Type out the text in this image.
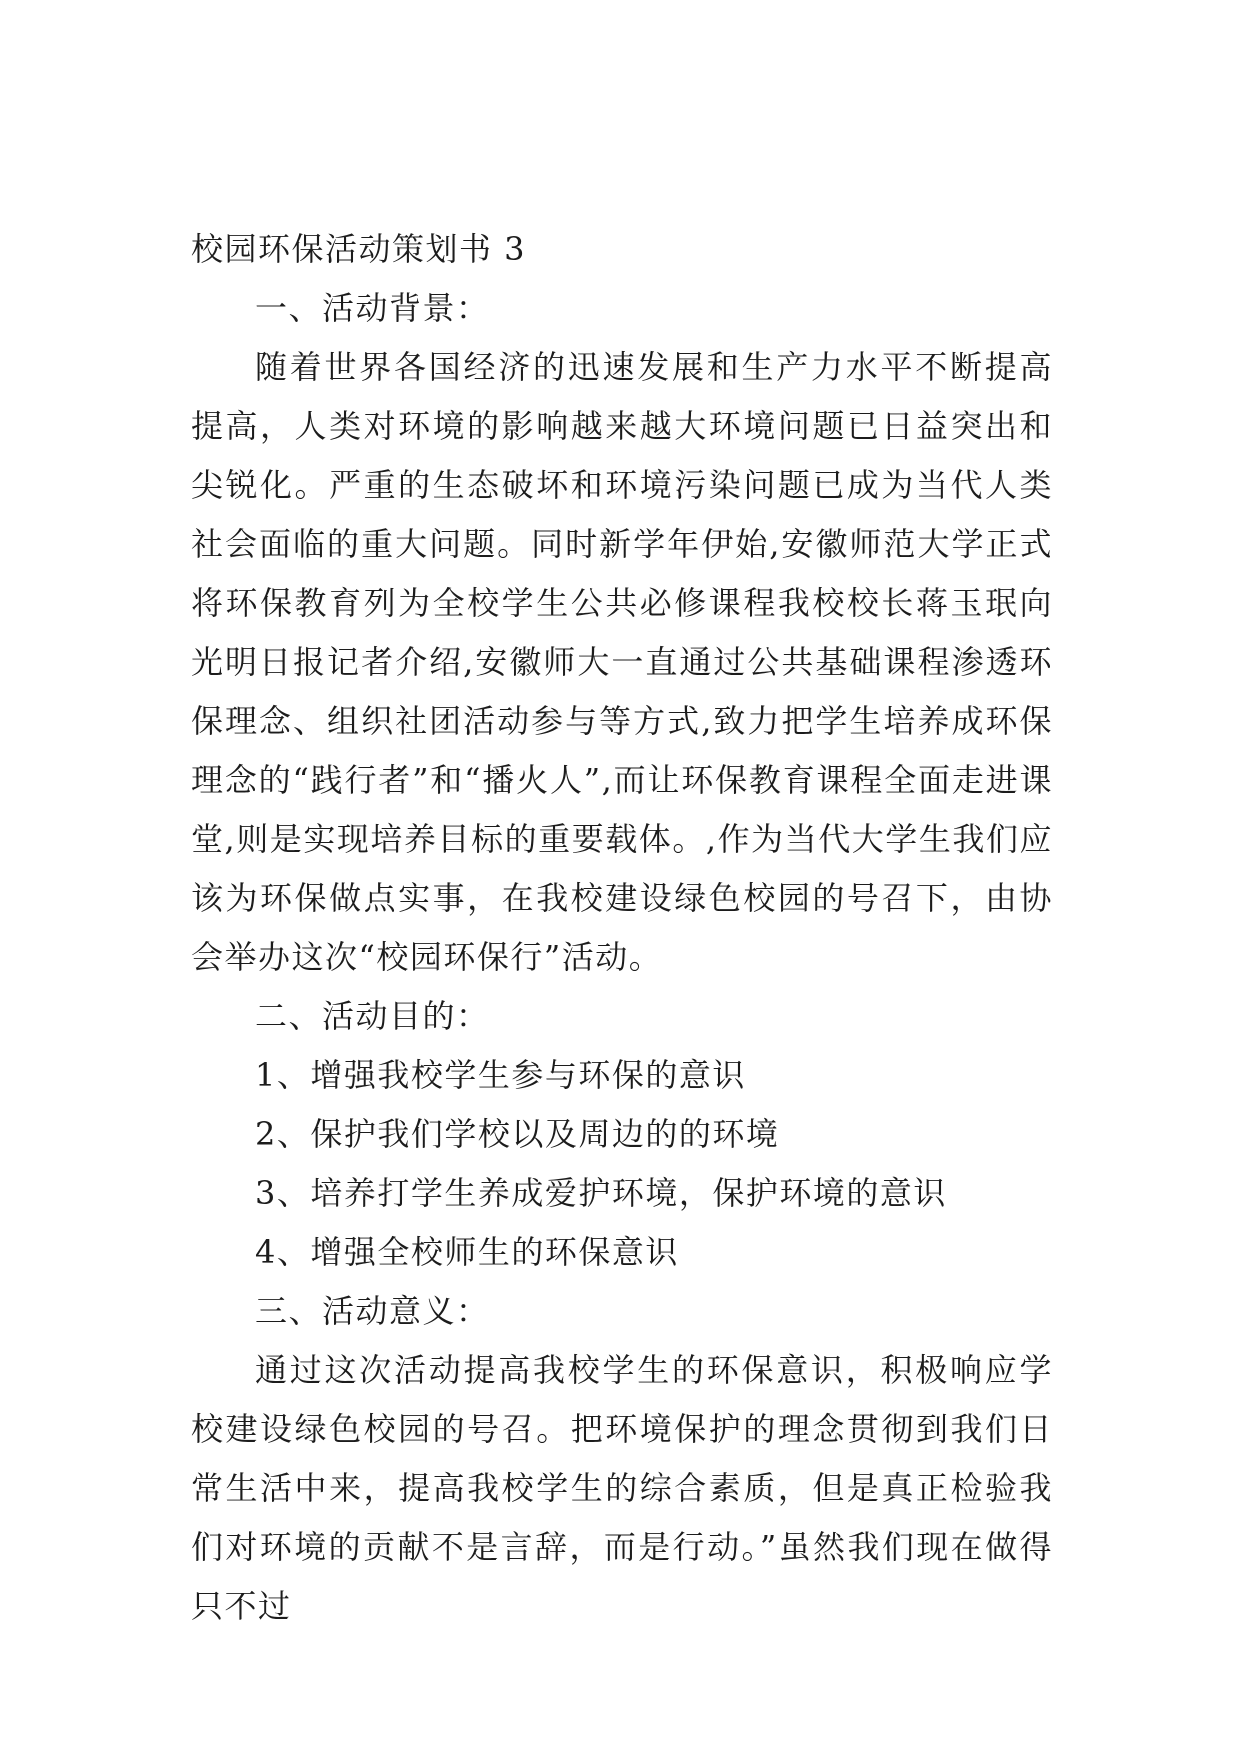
校园环保活动策划书 3

一、活动背景：

随着世界各国经济的迅速发展和生产力水平不断提高提高，人类对环境的影响越来越大环境问题已日益突出和尖锐化。严重的生态破坏和环境污染问题已成为当代人类社会面临的重大问题。同时新学年伊始,安徽师范大学正式将环保教育列为全校学生公共必修课程我校校长蒋玉珉向光明日报记者介绍,安徽师大一直通过公共基础课程渗透环保理念、组织社团活动参与等方式,致力把学生培养成环保理念的“践行者”和“播火人”,而让环保教育课程全面走进课堂,则是实现培养目标的重要载体。,作为当代大学生我们应该为环保做点实事，在我校建设绿色校园的号召下，由协会举办这次“校园环保行”活动。

二、活动目的：

1、增强我校学生参与环保的意识

2、保护我们学校以及周边的的环境

3、培养打学生养成爱护环境，保护环境的意识

4、增强全校师生的环保意识

三、活动意义：

通过这次活动提高我校学生的环保意识，积极响应学校建设绿色校园的号召。把环境保护的理念贯彻到我们日常生活中来，提高我校学生的综合素质，但是真正检验我们对环境的贡献不是言辞，而是行动。”虽然我们现在做得只不过
